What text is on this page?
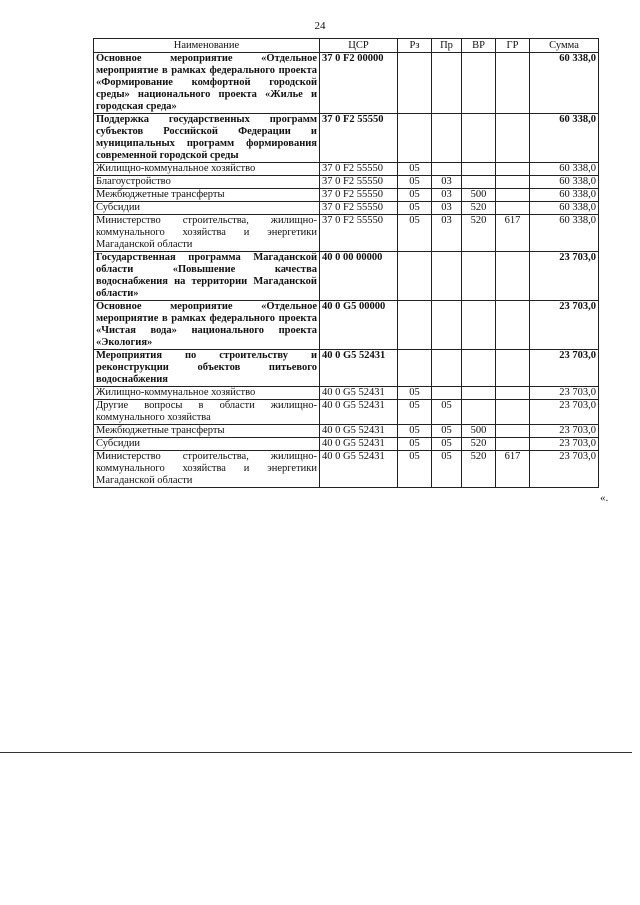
24
Наименование	ЦСР	Рз	Пр	ВР	ГР	Сумма
Основное мероприятие «Отдельное мероприятие в рамках федерального проекта «Формирование комфортной городской среды» национального проекта «Жилье и городская среда»	37 0 F2 00000					60 338,0
Поддержка государственных программ субъектов Российской Федерации и муниципальных программ формирования современной городской среды	37 0 F2 55550					60 338,0
Жилищно-коммунальное хозяйство	37 0 F2 55550	05				60 338,0
Благоустройство	37 0 F2 55550	05	03			60 338,0
Межбюджетные трансферты	37 0 F2 55550	05	03	500		60 338,0
Субсидии	37 0 F2 55550	05	03	520		60 338,0
Министерство строительства, жилищно-коммунального хозяйства и энергетики Магаданской области	37 0 F2 55550	05	03	520	617	60 338,0
Государственная программа Магаданской области «Повышение качества водоснабжения на территории Магаданской области»	40 0 00 00000					23 703,0
Основное мероприятие «Отдельное мероприятие в рамках федерального проекта «Чистая вода» национального проекта «Экология»	40 0 G5 00000					23 703,0
Мероприятия по строительству и реконструкции объектов питьевого водоснабжения	40 0 G5 52431					23 703,0
Жилищно-коммунальное хозяйство	40 0 G5 52431	05				23 703,0
Другие вопросы в области жилищно-коммунального хозяйства	40 0 G5 52431	05	05			23 703,0
Межбюджетные трансферты	40 0 G5 52431	05	05	500		23 703,0
Субсидии	40 0 G5 52431	05	05	520		23 703,0
Министерство строительства, жилищно-коммунального хозяйства и энергетики Магаданской области	40 0 G5 52431	05	05	520	617	23 703,0
«.
